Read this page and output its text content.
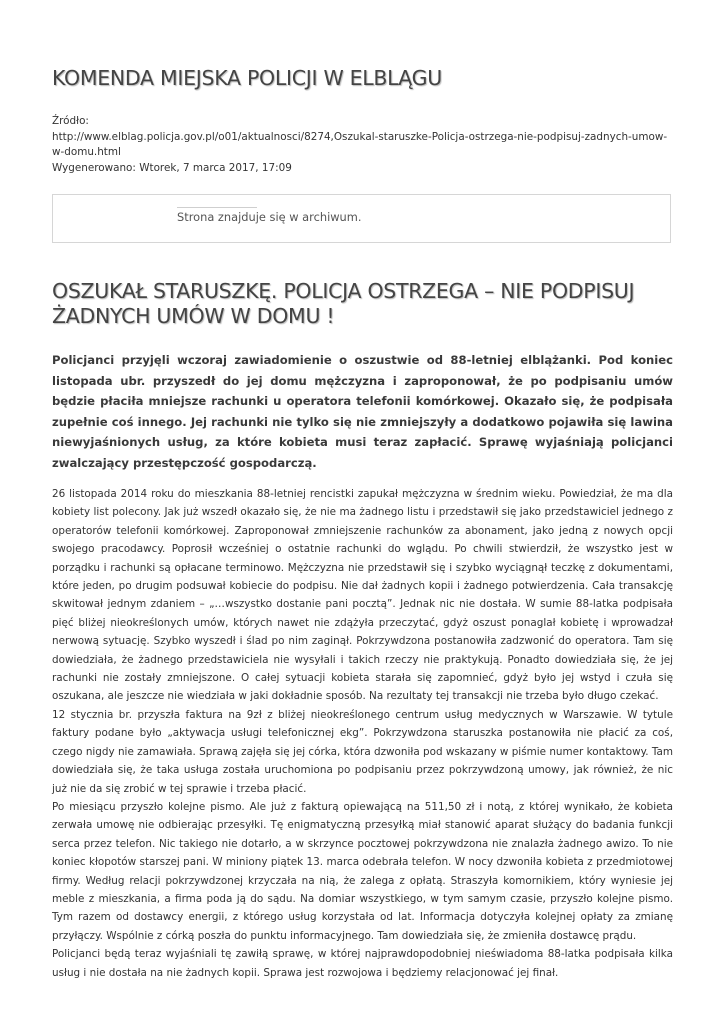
KOMENDA MIEJSKA POLICJI W ELBLĄGU
Źródło:
http://www.elblag.policja.gov.pl/o01/aktualnosci/8274,Oszukal-staruszke-Policja-ostrzega-nie-podpisuj-zadnych-umow-w-domu.html
Wygenerowano: Wtorek, 7 marca 2017, 17:09
Strona znajduje się w archiwum.
OSZUKAŁ STARUSZKĘ. POLICJA OSTRZEGA – NIE PODPISUJ ŻADNYCH UMÓW W DOMU !

Policjanci przyjęli wczoraj zawiadomienie o oszustwie od 88-letniej elblążanki. Pod koniec listopada ubr. przyszedł do jej domu mężczyzna i zaproponował, że po podpisaniu umów będzie płaciła mniejsze rachunki u operatora telefonii komórkowej. Okazało się, że podpisała zupełnie coś innego. Jej rachunki nie tylko się nie zmniejszyły a dodatkowo pojawiła się lawina niewyjaśnionych usług, za które kobieta musi teraz zapłacić. Sprawę wyjaśniają policjanci zwalczający przestępczość gospodarczą.

26 listopada 2014 roku do mieszkania 88-letniej rencistki zapukał mężczyzna w średnim wieku. Powiedział, że ma dla kobiety list polecony. Jak już wszedł okazało się, że nie ma żadnego listu i przedstawił się jako przedstawiciel jednego z operatorów telefonii komórkowej. Zaproponował zmniejszenie rachunków za abonament, jako jedną z nowych opcji swojego pracodawcy. Poprosił wcześniej o ostatnie rachunki do wglądu. Po chwili stwierdził, że wszystko jest w porządku i rachunki są opłacane terminowo. Mężczyzna nie przedstawił się i szybko wyciągnął teczkę z dokumentami, które jeden, po drugim podsuwał kobiecie do podpisu. Nie dał żadnych kopii i żadnego potwierdzenia. Cała transakcję skwitował jednym zdaniem – „…wszystko dostanie pani pocztą”. Jednak nic nie dostała. W sumie 88-latka podpisała pięć bliżej nieokreślonych umów, których nawet nie zdążyła przeczytać, gdyż oszust ponaglał kobietę i wprowadzał nerwową sytuację. Szybko wyszedł i ślad po nim zaginął. Pokrzywdzona postanowiła zadzwonić do operatora. Tam się dowiedziała, że żadnego przedstawiciela nie wysyłali i takich rzeczy nie praktykują. Ponadto dowiedziała się, że jej rachunki nie zostały zmniejszone. O całej sytuacji kobieta starała się zapomnieć, gdyż było jej wstyd i czuła się oszukana, ale jeszcze nie wiedziała w jaki dokładnie sposób. Na rezultaty tej transakcji nie trzeba było długo czekać.

12 stycznia br. przyszła faktura na 9zł z bliżej nieokreślonego centrum usług medycznych w Warszawie. W tytule faktury podane było „aktywacja usługi telefonicznej ekg”. Pokrzywdzona staruszka postanowiła nie płacić za coś, czego nigdy nie zamawiała. Sprawą zajęła się jej córka, która dzwoniła pod wskazany w piśmie numer kontaktowy. Tam dowiedziała się, że taka usługa została uruchomiona po podpisaniu przez pokrzywdzoną umowy, jak również, że nic już nie da się zrobić w tej sprawie i trzeba płacić.

Po miesiącu przyszło kolejne pismo. Ale już z fakturą opiewającą na 511,50 zł i notą, z której wynikało, że kobieta zerwała umowę nie odbierając przesyłki. Tę enigmatyczną przesyłką miał stanowić aparat służący do badania funkcji serca przez telefon. Nic takiego nie dotarło, a w skrzynce pocztowej pokrzywdzona nie znalazła żadnego awizo. To nie koniec kłopotów starszej pani. W miniony piątek 13. marca odebrała telefon. W nocy dzwoniła kobieta z przedmiotowej firmy. Według relacji pokrzywdzonej krzyczała na nią, że zalega z opłatą. Straszyła komornikiem, który wyniesie jej meble z mieszkania, a firma poda ją do sądu. Na domiar wszystkiego, w tym samym czasie, przyszło kolejne pismo. Tym razem od dostawcy energii, z którego usług korzystała od lat. Informacja dotyczyła kolejnej opłaty za zmianę przyłączy. Wspólnie z córką poszła do punktu informacyjnego. Tam dowiedziała się, że zmieniła dostawcę prądu.

Policjanci będą teraz wyjaśniali tę zawiłą sprawę, w której najprawdopodobniej nieświadoma 88-latka podpisała kilka usług i nie dostała na nie żadnych kopii. Sprawa jest rozwojowa i będziemy relacjonować jej finał.
